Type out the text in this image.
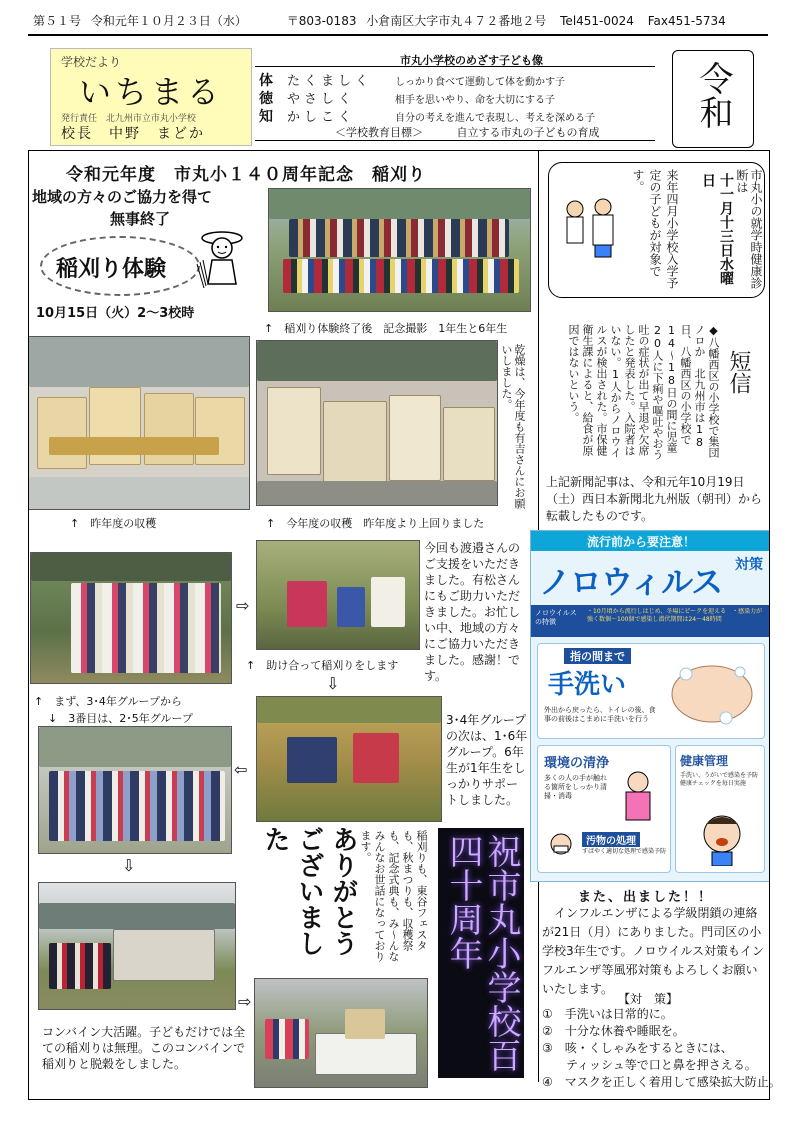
第５１号 令和元年１０月２３日（水）	〒803-0183 小倉南区大字市丸４７２番地２号 Tel451-0024 Fax451-5734
学校だより
いちまる
発行責任 北九州市立市丸小学校
校長　中野　まどか
市丸小学校のめざす子ども像
体 たくましく しっかり食べて運動して体を動かす子
徳 やさしく	相手を思いやり、命を大切にする子
知 かしこく	自分の考えを進んで表現し、考えを深める子
＜学校教育目標＞	自立する市丸の子どもの育成
令和
令和元年度　市丸小１４０周年記念　稲刈り
地域の方々のご協力を得て
無事終了
稲刈り体験
10月15日（火）2～3校時
↑　稲刈り体験終了後　記念撮影　1年生と6年生
↑　昨年度の収穫	↑　今年度の収穫　昨年度より上回りました
乾燥は、今年度も有吉さんにお願いしました。
⇨
今回も渡邉さんのご支援をいただきました。有松さんにもご助力いただきました。お忙しい中、地域の方々にご協力いただきました。感謝！です。
↑　助け合って稲刈りをします
⇩
↑　まず、3･4年グループから
↓　3番目は、2･5年グループ	3･4年グループの次は、1･6年グループ。6年生が1年生をしっかりサポートしました。
⇦
⇩
コンバイン大活躍。子どもだけでは全ての稲刈りは無理。このコンバインで稲刈りと脱穀をしました。
⇨
ありがとうございました	稲刈りも、東谷フェスタも、秋まつりも、収穫祭も、記念式典も、み〜んなみんなお世話になっております。	祝市丸小学校百四十周年
市丸小の就学時健康診断は
十一月十三日水曜日
来年四月小学校入学予定の子どもが対象です。
◆八幡西区の小学校で集団ノロか　北九州市は18日、八幡西区の小学校で14〜18日の間に児童20人に下痢や嘔吐やおう吐の症状が出て早退や欠席したと発表した。入院者はいない。1人からノロウイルスが検出された。市保健衛生課によると、給食が原因ではないという。	短信
上記新聞記事は、令和元年10月19日（土）西日本新聞北九州版（朝刊）から転載したものです。
流行前から要注意！
ノロウィルス 対策
ノロウイルスの特徴
・10月頃から流行しはじめ、冬場にピークを迎える　・感染力が強く数個〜100個で感染し潜伏期間は24〜48時間
指の間まで
手洗い
外出から戻ったら、トイレの後、食事の前後はこまめに手洗いを行う
環境の清浄
多くの人の手が触れる箇所をしっかり清掃・消毒
汚物の処理
すばやく適切な処理で感染予防
健康管理
手洗い、うがいで感染を予防　健康チェックを毎日実施
また、出ました！！
インフルエンザによる学級閉鎖の連絡が21日（月）にありました。門司区の小学校3年生です。ノロウイルス対策もインフルエンザ等風邪対策もよろしくお願いいたします。
【対　策】
①　手洗いは日常的に。
②　十分な休養や睡眠を。
③　咳・くしゃみをするときには、
　　ティッシュ等で口と鼻を押さえる。
④　マスクを正しく着用して感染拡大防止。
